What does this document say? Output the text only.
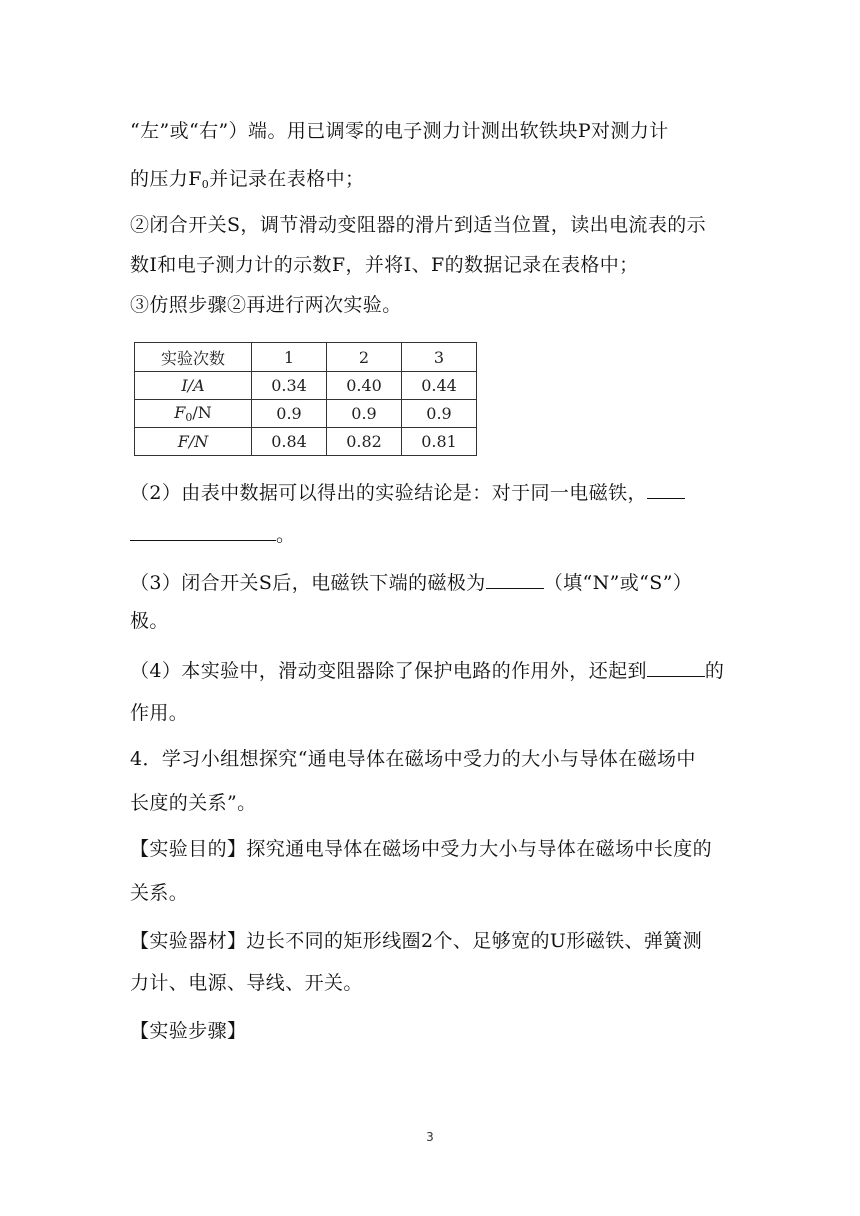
“左”或“右”）端。用已调零的电子测力计测出软铁块P对测力计
的压力$F_0$并记录在表格中；
②闭合开关S，调节滑动变阻器的滑片到适当位置，读出电流表的示
数I和电子测力计的示数F，并将I、F的数据记录在表格中；
③仿照步骤②再进行两次实验。
实验次数	1	2	3
I/A	0.34	0.40	0.44
$F_0/N$	0.9	0.9	0.9
F/N	0.84	0.82	0.81
（2）由表中数据可以得出的实验结论是：对于同一电磁铁，
。
（3）闭合开关S后，电磁铁下端的磁极为	（填“N”或“S”）
极。
（4）本实验中，滑动变阻器除了保护电路的作用外，还起到	的
作用。
4．学习小组想探究“通电导体在磁场中受力的大小与导体在磁场中
长度的关系”。
【实验目的】探究通电导体在磁场中受力大小与导体在磁场中长度的
关系。
【实验器材】边长不同的矩形线圈2个、足够宽的U形磁铁、弹簧测
力计、电源、导线、开关。
【实验步骤】
3
